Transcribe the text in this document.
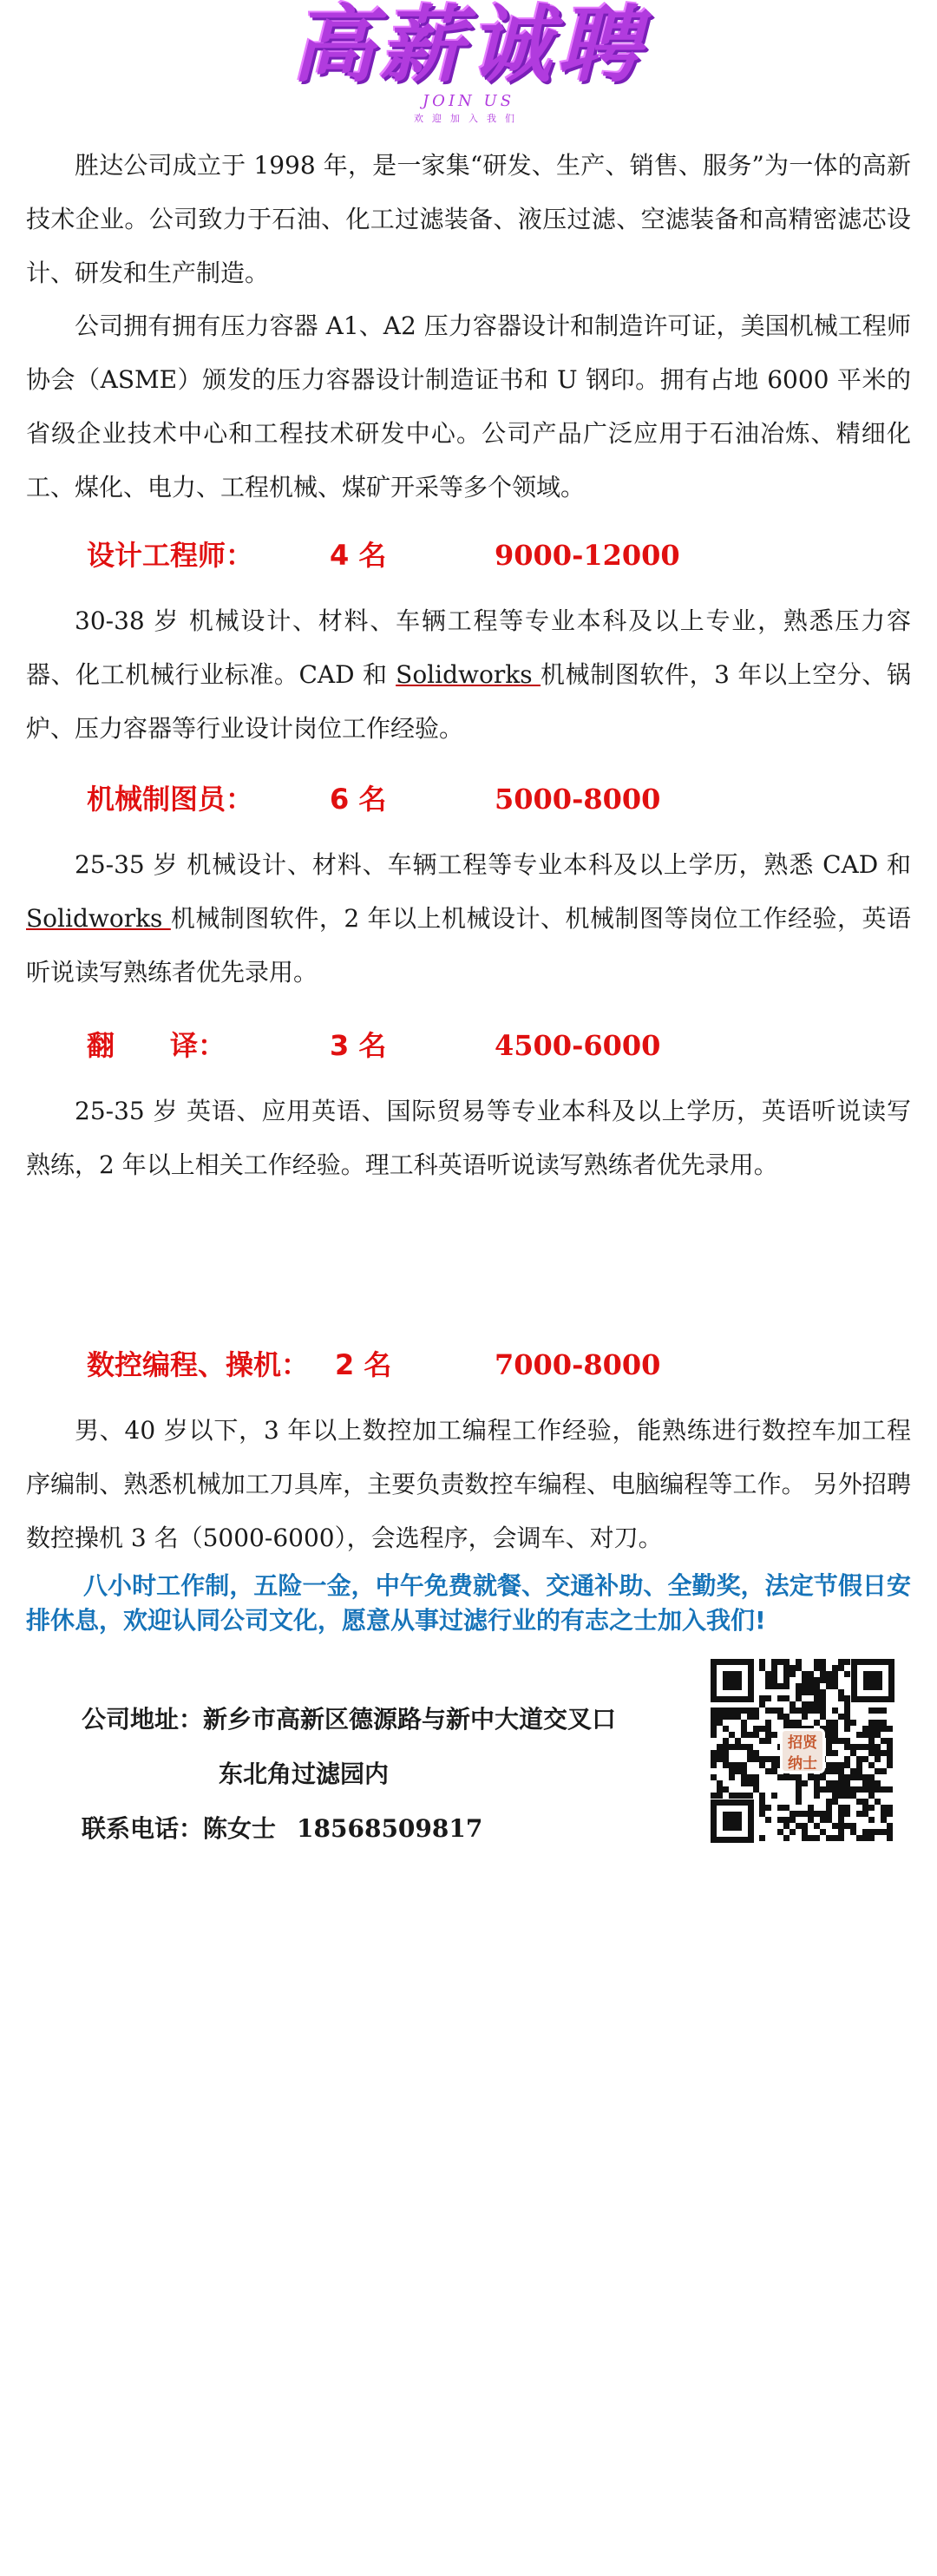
高薪诚聘
JOIN US
欢迎加入我们

胜达公司成立于 1998 年，是一家集“研发、生产、销售、服务”为一体的高新技术企业。公司致力于石油、化工过滤装备、液压过滤、空滤装备和高精密滤芯设计、研发和生产制造。

公司拥有拥有压力容器 A1、A2 压力容器设计和制造许可证，美国机械工程师协会（ASME）颁发的压力容器设计制造证书和 U 钢印。拥有占地 6000 平米的省级企业技术中心和工程技术研发中心。公司产品广泛应用于石油冶炼、精细化工、煤化、电力、工程机械、煤矿开采等多个领域。

设计工程师：	4 名	9000-12000

30-38 岁 机械设计、材料、车辆工程等专业本科及以上专业，熟悉压力容器、化工机械行业标准。CAD 和 Solidworks 机械制图软件，3 年以上空分、锅炉、压力容器等行业设计岗位工作经验。

机械制图员：	6 名	5000-8000

25-35 岁 机械设计、材料、车辆工程等专业本科及以上学历，熟悉 CAD 和 Solidworks 机械制图软件，2 年以上机械设计、机械制图等岗位工作经验，英语听说读写熟练者优先录用。

翻　　译：	3 名	4500-6000

25-35 岁 英语、应用英语、国际贸易等专业本科及以上学历，英语听说读写熟练，2 年以上相关工作经验。理工科英语听说读写熟练者优先录用。

数控编程、操机： 2 名	7000-8000

男、40 岁以下，3 年以上数控加工编程工作经验，能熟练进行数控车加工程序编制、熟悉机械加工刀具库，主要负责数控车编程、电脑编程等工作。 另外招聘数控操机 3 名（5000-6000），会选程序，会调车、对刀。

八小时工作制，五险一金，中午免费就餐、交通补助、全勤奖，法定节假日安排休息，欢迎认同公司文化，愿意从事过滤行业的有志之士加入我们!

公司地址：新乡市高新区德源路与新中大道交叉口
东北角过滤园内
联系电话：陈女士 18568509817
招贤
纳士
